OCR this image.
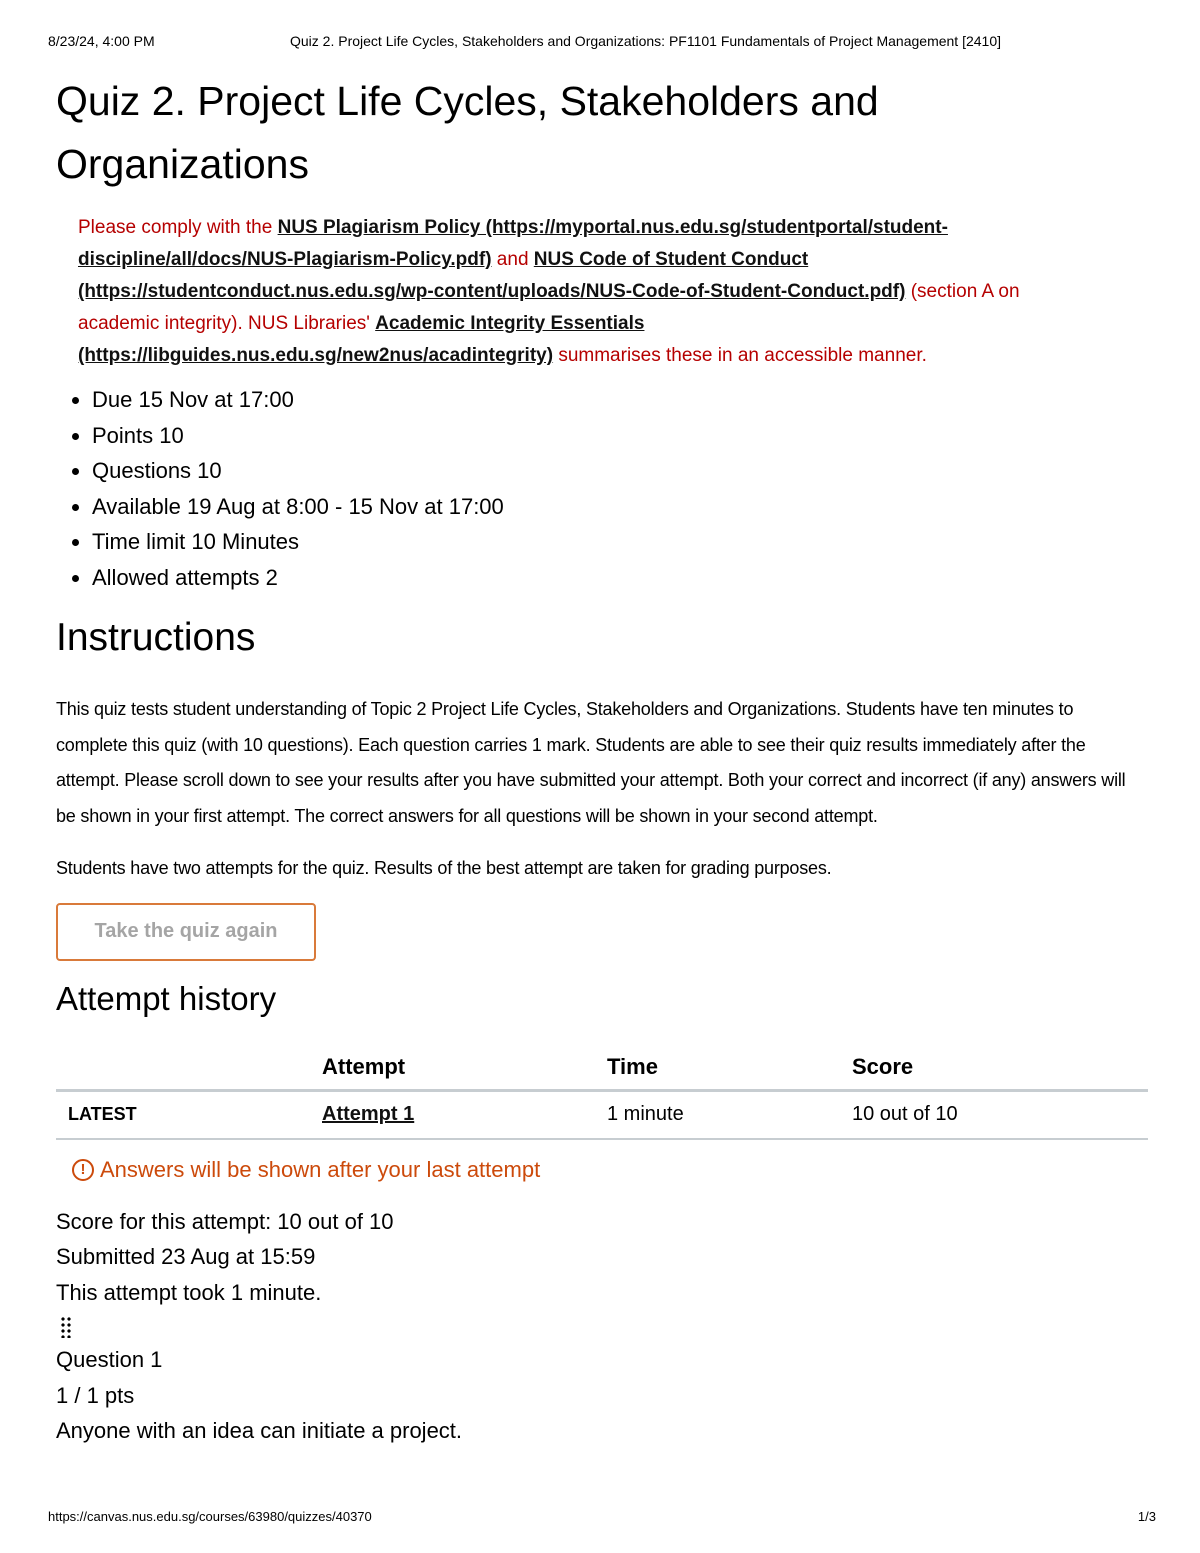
8/23/24, 4:00 PM	Quiz 2. Project Life Cycles, Stakeholders and Organizations: PF1101 Fundamentals of Project Management [2410]
Quiz 2. Project Life Cycles, Stakeholders and Organizations
Please comply with the NUS Plagiarism Policy (https://myportal.nus.edu.sg/studentportal/student-discipline/all/docs/NUS-Plagiarism-Policy.pdf) and NUS Code of Student Conduct (https://studentconduct.nus.edu.sg/wp-content/uploads/NUS-Code-of-Student-Conduct.pdf) (section A on academic integrity). NUS Libraries' Academic Integrity Essentials (https://libguides.nus.edu.sg/new2nus/acadintegrity) summarises these in an accessible manner.
• Due 15 Nov at 17:00
• Points 10
• Questions 10
• Available 19 Aug at 8:00 - 15 Nov at 17:00
• Time limit 10 Minutes
• Allowed attempts 2
Instructions

This quiz tests student understanding of Topic 2 Project Life Cycles, Stakeholders and Organizations. Students have ten minutes to complete this quiz (with 10 questions). Each question carries 1 mark. Students are able to see their quiz results immediately after the attempt. Please scroll down to see your results after you have submitted your attempt. Both your correct and incorrect (if any) answers will be shown in your first attempt. The correct answers for all questions will be shown in your second attempt.

Students have two attempts for the quiz. Results of the best attempt are taken for grading purposes.

Take the quiz again
Attempt history
	Attempt	Time	Score
LATEST	Attempt 1	1 minute	10 out of 10
! Answers will be shown after your last attempt
Score for this attempt: 10 out of 10
Submitted 23 Aug at 15:59
This attempt took 1 minute.
Question 1
1 / 1 pts
Anyone with an idea can initiate a project.
https://canvas.nus.edu.sg/courses/63980/quizzes/40370	1/3
